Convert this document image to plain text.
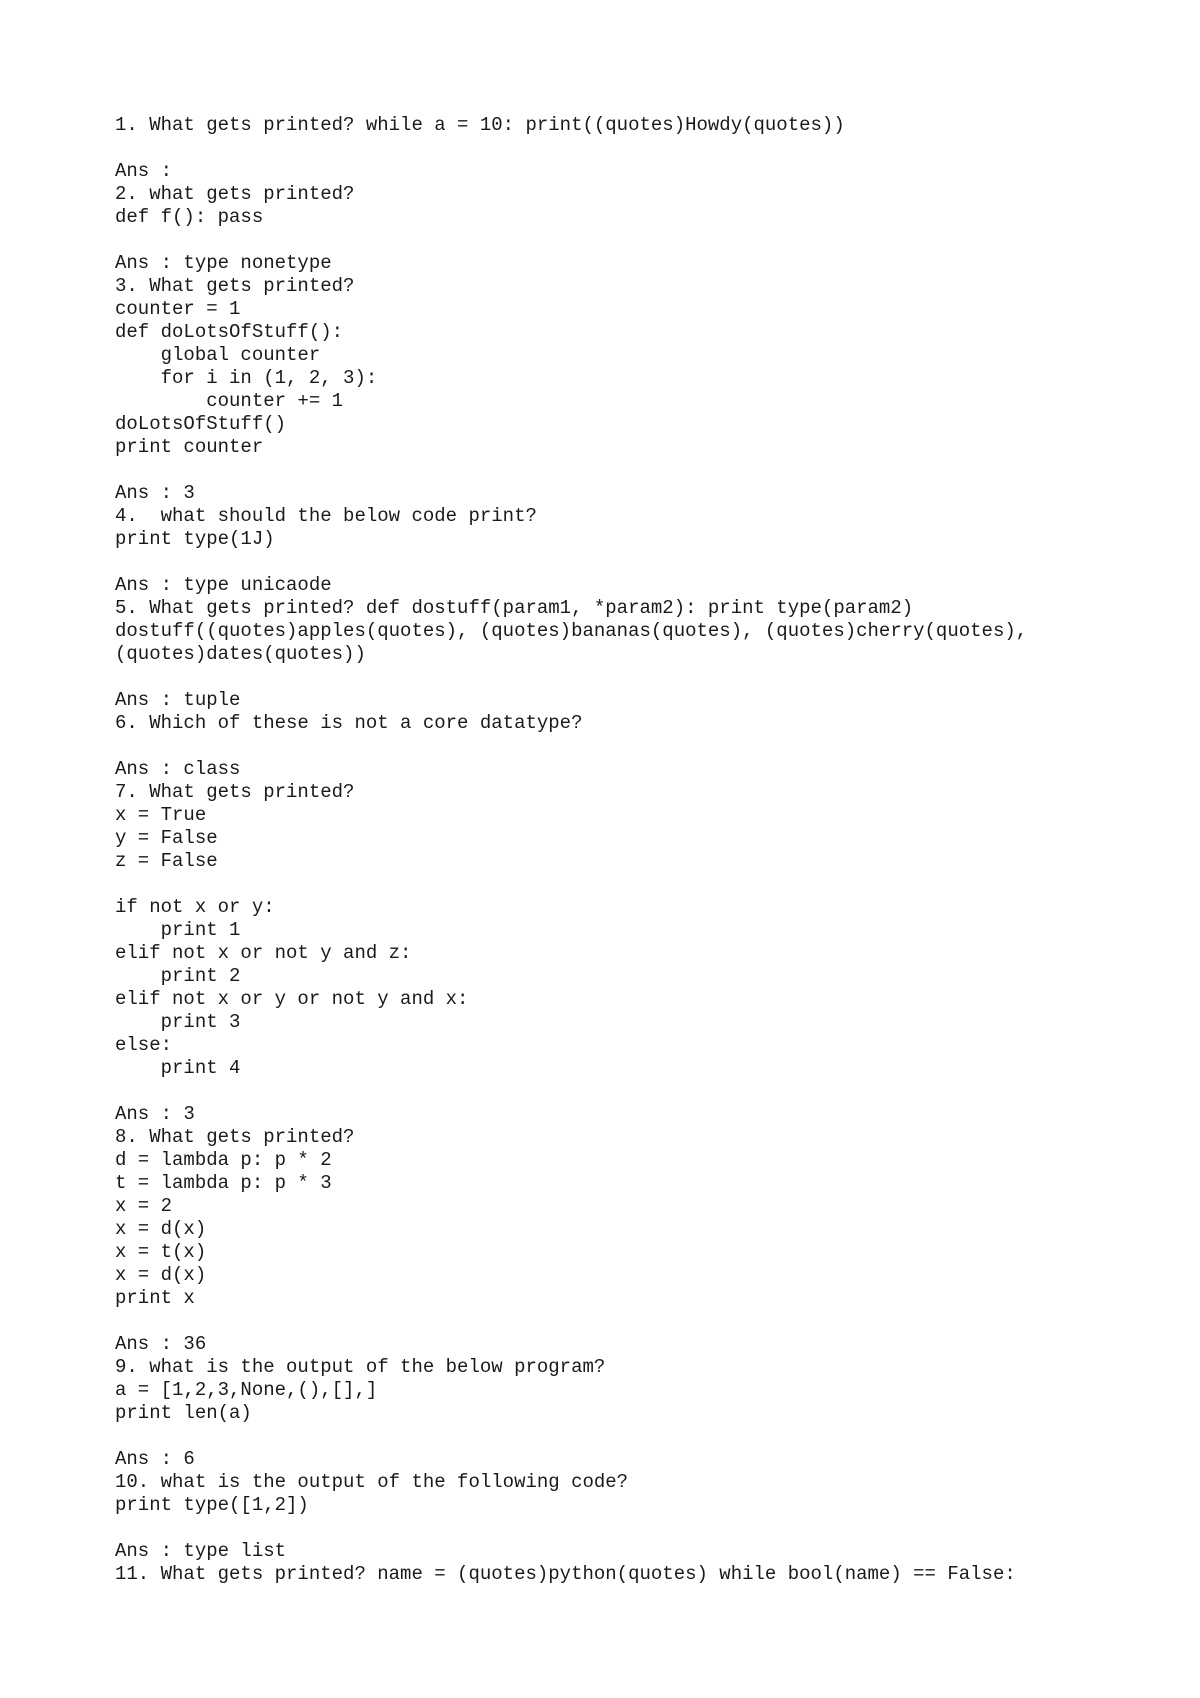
1. What gets printed? while a = 10: print((quotes)Howdy(quotes))
Ans :
2. what gets printed?
def f(): pass
Ans : type nonetype
3. What gets printed?
counter = 1
def doLotsOfStuff():
global counter
for i in (1, 2, 3):
counter += 1
doLotsOfStuff()
print counter
Ans : 3
4.  what should the below code print?
print type(1J)
Ans : type unicaode
5. What gets printed? def dostuff(param1, *param2): print type(param2)
dostuff((quotes)apples(quotes), (quotes)bananas(quotes), (quotes)cherry(quotes),
(quotes)dates(quotes))
Ans : tuple
6. Which of these is not a core datatype?
Ans : class
7. What gets printed?
x = True
y = False
z = False
if not x or y:
print 1
elif not x or not y and z:
print 2
elif not x or y or not y and x:
print 3
else:
print 4
Ans : 3
8. What gets printed?
d = lambda p: p * 2
t = lambda p: p * 3
x = 2
x = d(x)
x = t(x)
x = d(x)
print x
Ans : 36
9. what is the output of the below program?
a = [1,2,3,None,(),[],]
print len(a)
Ans : 6
10. what is the output of the following code?
print type([1,2])
Ans : type list
11. What gets printed? name = (quotes)python(quotes) while bool(name) == False:
